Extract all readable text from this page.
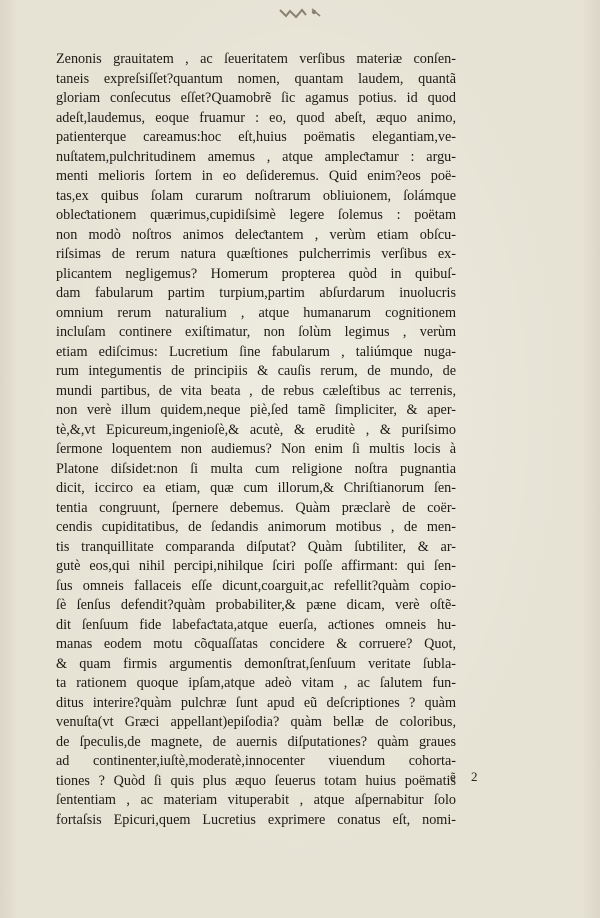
Zenonis grauitatem , ac ſeueritatem verſibus materiæ conſen-
taneis expreſsiſſet?quantum nomen, quantam laudem, quantã
gloriam conſecutus eſſet?Quamobrẽ ſic agamus potius. id quod
adeſt,laudemus, eoque fruamur : eo, quod abeſt, æquo animo,
patienterque careamus:hoc eſt,huius poëmatis elegantiam,ve-
nuſtatem,pulchritudinem amemus , atque ampleƈtamur : argu-
menti melioris ſortem in eo deſideremus. Quid enim?eos poë-
tas,ex quibus ſolam curarum noſtrarum obliuionem, ſolámque
obleƈtationem quærimus,cupidiſsimè legere ſolemus : poëtam
non modò noſtros animos deleƈtantem , verùm etiam obſcu-
riſsimas de rerum natura quæſtiones pulcherrimis verſibus ex-
plicantem negligemus? Homerum propterea quòd in quibuſ-
dam fabularum partim turpium,partim abſurdarum inuolucris
omnium rerum naturalium , atque humanarum cognitionem
incluſam continere exiſtimatur, non ſolùm legimus , verùm
etiam ediſcimus: Lucretium ſine fabularum , taliúmque nuga-
rum integumentis de principiis & cauſis rerum, de mundo, de
mundi partibus, de vita beata , de rebus cæleſtibus ac terrenis,
non verè illum quidem,neque piè,ſed tamẽ ſimpliciter, & aper-
tè,&,vt Epicureum,ingenioſè,& acutè, & eruditè , & puriſsimo
ſermone loquentem non audiemus? Non enim ſi multis locis à
Platone diſsidet:non ſi multa cum religione noſtra pugnantia
dicit, iccirco ea etiam, quæ cum illorum,& Chriſtianorum ſen-
tentia congruunt, ſpernere debemus. Quàm præclarè de coër-
cendis cupiditatibus, de ſedandis animorum motibus , de men-
tis tranquillitate comparanda diſputat? Quàm ſubtiliter, & ar-
gutè eos,qui nihil percipi,nihilque ſciri poſſe affirmant: qui ſen-
ſus omneis fallaceis eſſe dicunt,coarguit,ac refellit?quàm copio-
ſè ſenſus defendit?quàm probabiliter,& pæne dicam, verè oſtẽ-
dit ſenſuum fide labefaƈtata,atque euerſa, aƈtiones omneis hu-
manas eodem motu cõquaſſatas concidere & corruere? Quot,
& quam firmis argumentis demonſtrat,ſenſuum veritate ſubla-
ta rationem quoque ipſam,atque adeò vitam , ac ſalutem fun-
ditus interire?quàm pulchræ ſunt apud eũ deſcriptiones ? quàm
venuſta(vt Græci appellant)epiſodia? quàm bellæ de coloribus,
de ſpeculis,de magnete, de auernis diſputationes? quàm graues
ad continenter,iuſtè,moderatè,innocenter viuendum cohorta-
tiones ? Quòd ſi quis plus æquo ſeuerus totam huius poëmatis
ſententiam , ac materiam vituperabit , atque aſpernabitur ſolo
fortaſsis Epicuri,quem Lucretius exprimere conatus eſt, nomi-
ẽ 2
